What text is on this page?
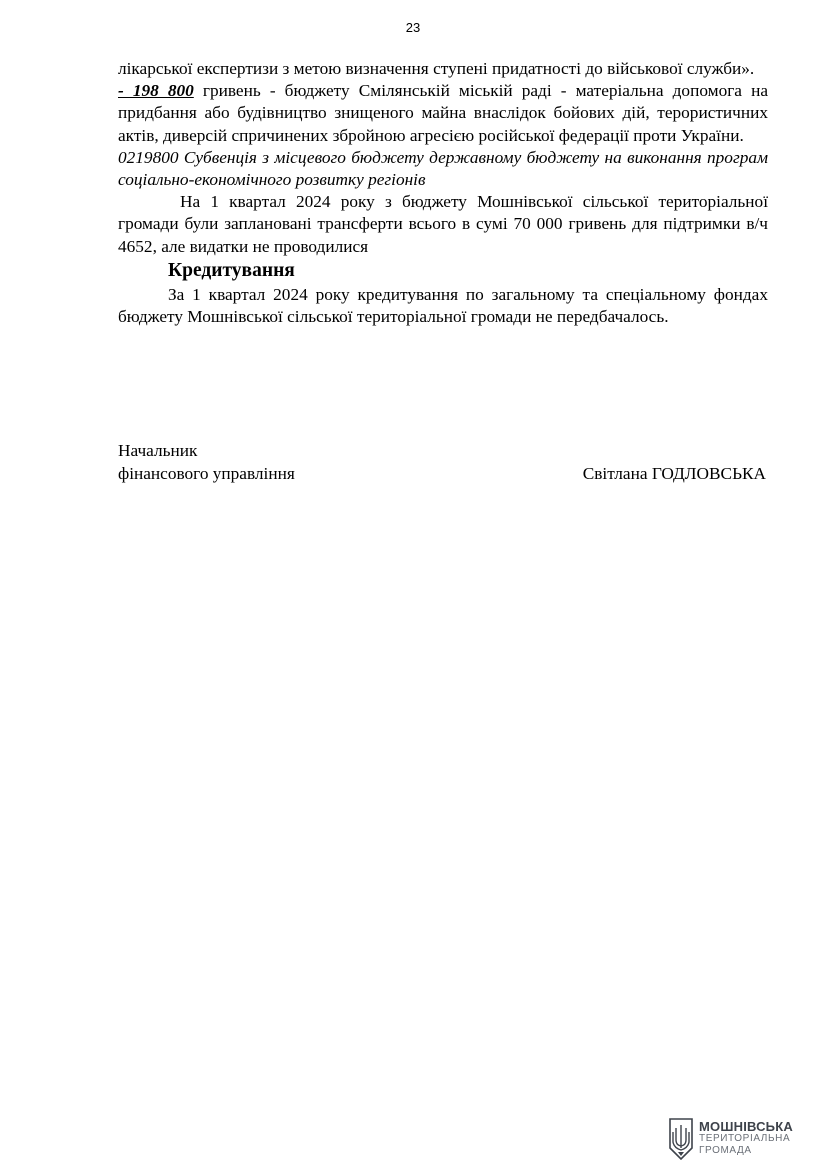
23

лікарської експертизи з метою визначення ступені придатності до військової служби».

- 198 800 гривень - бюджету Смілянській міській раді - матеріальна допомога на придбання або будівництво знищеного майна внаслідок бойових дій, терористичних актів, диверсій спричинених збройною агресією російської федерації проти України.

0219800 Субвенція з місцевого бюджету державному бюджету на виконання програм соціально-економічного розвитку регіонів

На 1 квартал 2024 року з бюджету Мошнівської сільської територіальної громади були заплановані трансферти всього в сумі 70 000 гривень для підтримки в/ч 4652, але видатки не проводилися

Кредитування

За 1 квартал 2024 року кредитування по загальному та спеціальному фондах бюджету Мошнівської сільської територіальної громади не передбачалось.

Начальник
фінансового управління	Світлана ГОДЛОВСЬКА
МОШНІВСЬКА
ТЕРИТОРІАЛЬНА
ГРОМАДА
